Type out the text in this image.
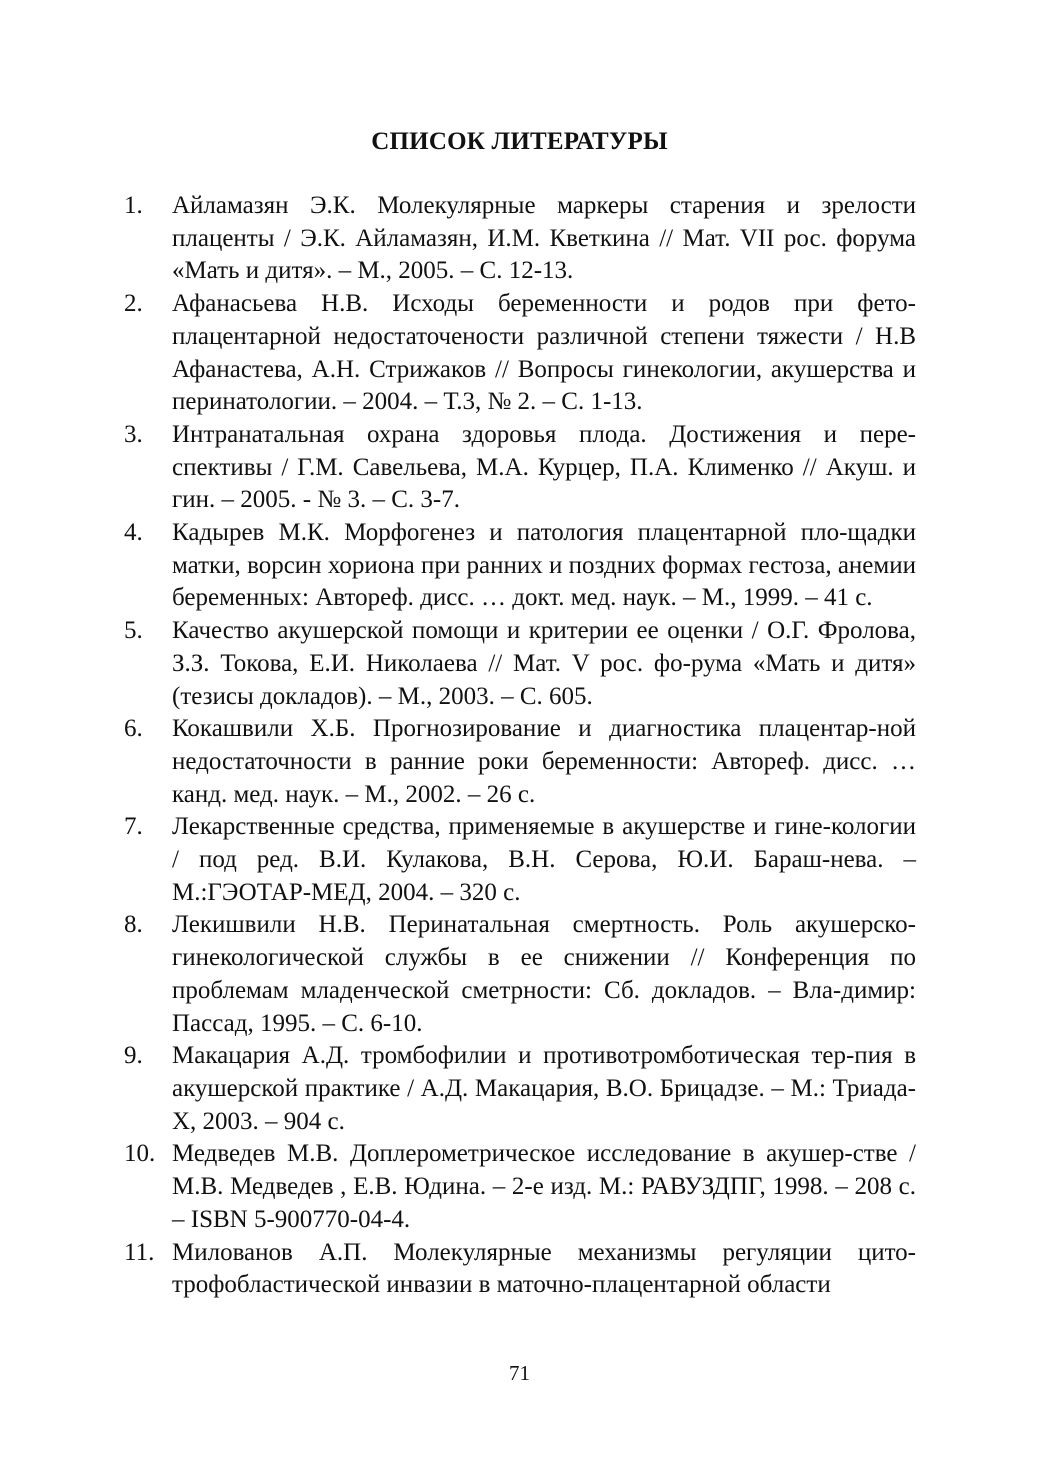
СПИСОК ЛИТЕРАТУРЫ
1.	Айламазян Э.К. Молекулярные маркеры старения и зрелости плаценты / Э.К. Айламазян, И.М. Кветкина // Мат. VII рос. форума «Мать и дитя». – М., 2005. – С. 12-13.
2.	Афанасьева Н.В. Исходы беременности и родов при фето-плацентарной недостаточености различной степени тяжести / Н.В Афанастева, А.Н. Стрижаков // Вопросы гинекологии, акушерства и перинатологии. – 2004. – Т.3, № 2. – С. 1-13.
3.	Интранатальная охрана здоровья плода. Достижения и пере-спективы / Г.М. Савельева, М.А. Курцер, П.А. Клименко // Акуш. и гин. – 2005. - № 3. – С. 3-7.
4.	Кадырев М.К. Морфогенез и патология плацентарной пло-щадки матки, ворсин хориона при ранних и поздних формах гестоза, анемии беременных: Автореф. дисс. … докт. мед. наук. – М., 1999. – 41 с.
5.	Качество акушерской помощи и критерии ее оценки / О.Г. Фролова, З.З. Токова, Е.И. Николаева // Мат. V рос. фо-рума «Мать и дитя» (тезисы докладов). – М., 2003. – С. 605.
6.	Кокашвили Х.Б. Прогнозирование и диагностика плацентар-ной недостаточности в ранние роки беременности: Автореф. дисс. … канд. мед. наук. – М., 2002. – 26 с.
7.	Лекарственные средства, применяемые в акушерстве и гине-кологии / под ред. В.И. Кулакова, В.Н. Серова, Ю.И. Бараш-нева. – М.:ГЭОТАР-МЕД, 2004. – 320 с.
8.	Лекишвили Н.В. Перинатальная смертность. Роль акушерско-гинекологической службы в ее снижении // Конференция по проблемам младенческой сметрности: Сб. докладов. – Вла-димир: Пассад, 1995. – С. 6-10.
9.	Макацария А.Д. тромбофилии и противотромботическая тер-пия в акушерской практике / А.Д. Макацария, В.О. Брицадзе. – М.: Триада-Х, 2003. – 904 с.
10. Медведев М.В. Доплерометрическое исследование в акушер-стве / М.В. Медведев , Е.В. Юдина. – 2-е изд. М.: РАВУЗДПГ, 1998. – 208 с. – ISBN 5-900770-04-4.
11. Милованов А.П. Молекулярные механизмы регуляции цито-трофобластической инвазии в маточно-плацентарной области
71
